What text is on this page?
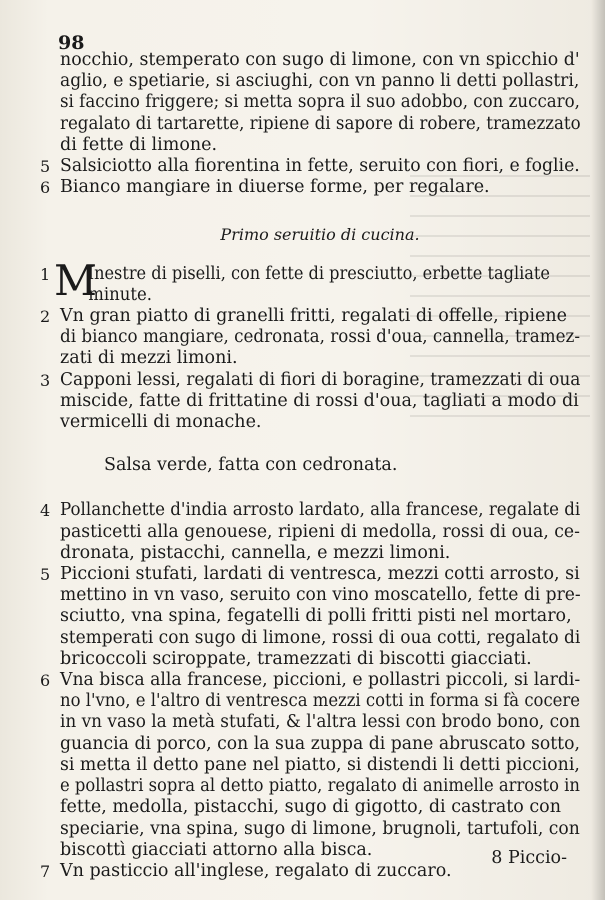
98
nocchio, stemperato con sugo di limone, con vn spicchio d'
aglio, e spetiarie, si asciughi, con vn panno li detti pollastri,
si faccino friggere; si metta sopra il suo adobbo, con zuccaro,
regalato di tartarette, ripiene di sapore di robere, tramezzato
di fette di limone.
5 Salsiciotto alla fiorentina in fette, seruito con fiori, e foglie.
6 Bianco mangiare in diuerse forme, per regalare.
Primo seruitio di cucina.
1 M
Inestre di piselli, con fette di presciutto, erbette tagliate
minute.
2 Vn gran piatto di granelli fritti, regalati di offelle, ripiene
di bianco mangiare, cedronata, rossi d'oua, cannella, tramez-
zati di mezzi limoni.
3 Capponi lessi, regalati di fiori di boragine, tramezzati di oua
miscide, fatte di frittatine di rossi d'oua, tagliati a modo di
vermicelli di monache.
Salsa verde, fatta con cedronata.
4 Pollanchette d'india arrosto lardato, alla francese, regalate di
pasticetti alla genouese, ripieni di medolla, rossi di oua, ce-
dronata, pistacchi, cannella, e mezzi limoni.
5 Piccioni stufati, lardati di ventresca, mezzi cotti arrosto, si
mettino in vn vaso, seruito con vino moscatello, fette di pre-
sciutto, vna spina, fegatelli di polli fritti pisti nel mortaro,
stemperati con sugo di limone, rossi di oua cotti, regalato di
bricoccoli sciroppate, tramezzati di biscotti giacciati.
6 Vna bisca alla francese, piccioni, e pollastri piccoli, si lardi-
no l'vno, e l'altro di ventresca mezzi cotti in forma si fà cocere
in vn vaso la metà stufati, & l'altra lessi con brodo bono, con
guancia di porco, con la sua zuppa di pane abruscato sotto,
si metta il detto pane nel piatto, si distendi li detti piccioni,
e pollastri sopra al detto piatto, regalato di animelle arrosto in
fette, medolla, pistacchi, sugo di gigotto, di castrato con
speciarie, vna spina, sugo di limone, brugnoli, tartufoli, con
biscottì giacciati attorno alla bisca.
7 Vn pasticcio all'inglese, regalato di zuccaro.
8 Piccio-
